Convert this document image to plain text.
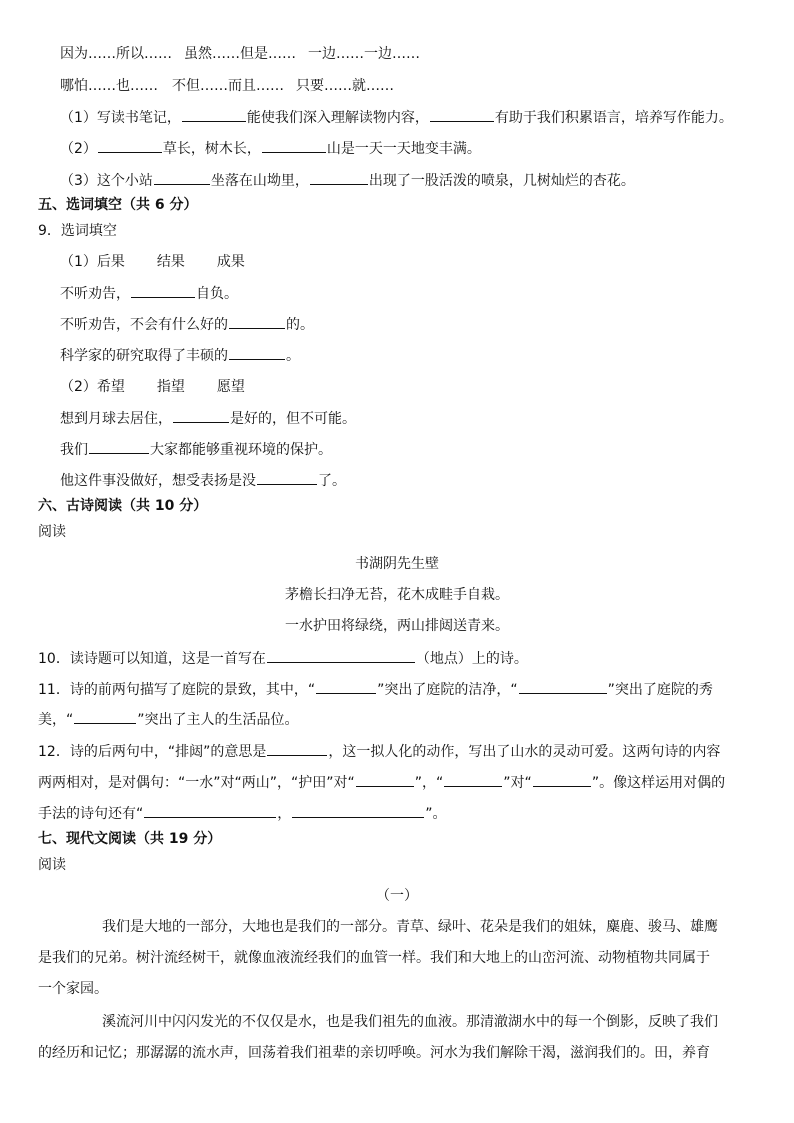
因为……所以…… 虽然……但是…… 一边……一边……
哪怕……也…… 不但……而且…… 只要……就……
（1）写读书笔记，	能使我们深入理解读物内容，	有助于我们积累语言，培养写作能力。
（2）	草长，树木长，	山是一天一天地变丰满。
（3）这个小站	坐落在山坳里，	出现了一股活泼的喷泉，几树灿烂的杏花。
五、选词填空（共 6 分）
9．选词填空
（1）后果 结果 成果
不听劝告，	自负。
不听劝告，不会有什么好的	的。
科学家的研究取得了丰硕的	。
（2）希望 指望 愿望
想到月球去居住，	是好的，但不可能。
我们	大家都能够重视环境的保护。
他这件事没做好，想受表扬是没	了。
六、古诗阅读（共 10 分）
阅读
书湖阴先生壁
茅檐长扫净无苔，花木成畦手自栽。
一水护田将绿绕，两山排闼送青来。
10．读诗题可以知道，这是一首写在	（地点）上的诗。
11．诗的前两句描写了庭院的景致，其中，“	”突出了庭院的洁净，“	”突出了庭院的秀
美，“	”突出了主人的生活品位。
12．诗的后两句中，“排闼”的意思是	，这一拟人化的动作，写出了山水的灵动可爱。这两句诗的内容
两两相对，是对偶句：“一水”对“两山”，“护田”对“	”，“	”对“	”。像这样运用对偶的
手法的诗句还有“	，	”。
七、现代文阅读（共 19 分）
阅读
（一）
我们是大地的一部分，大地也是我们的一部分。青草、绿叶、花朵是我们的姐妹，麋鹿、骏马、雄鹰
是我们的兄弟。树汁流经树干，就像血液流经我们的血管一样。我们和大地上的山峦河流、动物植物共同属于
一个家园。
溪流河川中闪闪发光的不仅仅是水，也是我们祖先的血液。那清澈湖水中的每一个倒影，反映了我们
的经历和记忆；那潺潺的流水声，回荡着我们祖辈的亲切呼唤。河水为我们解除干渴，滋润我们的。田，养育
